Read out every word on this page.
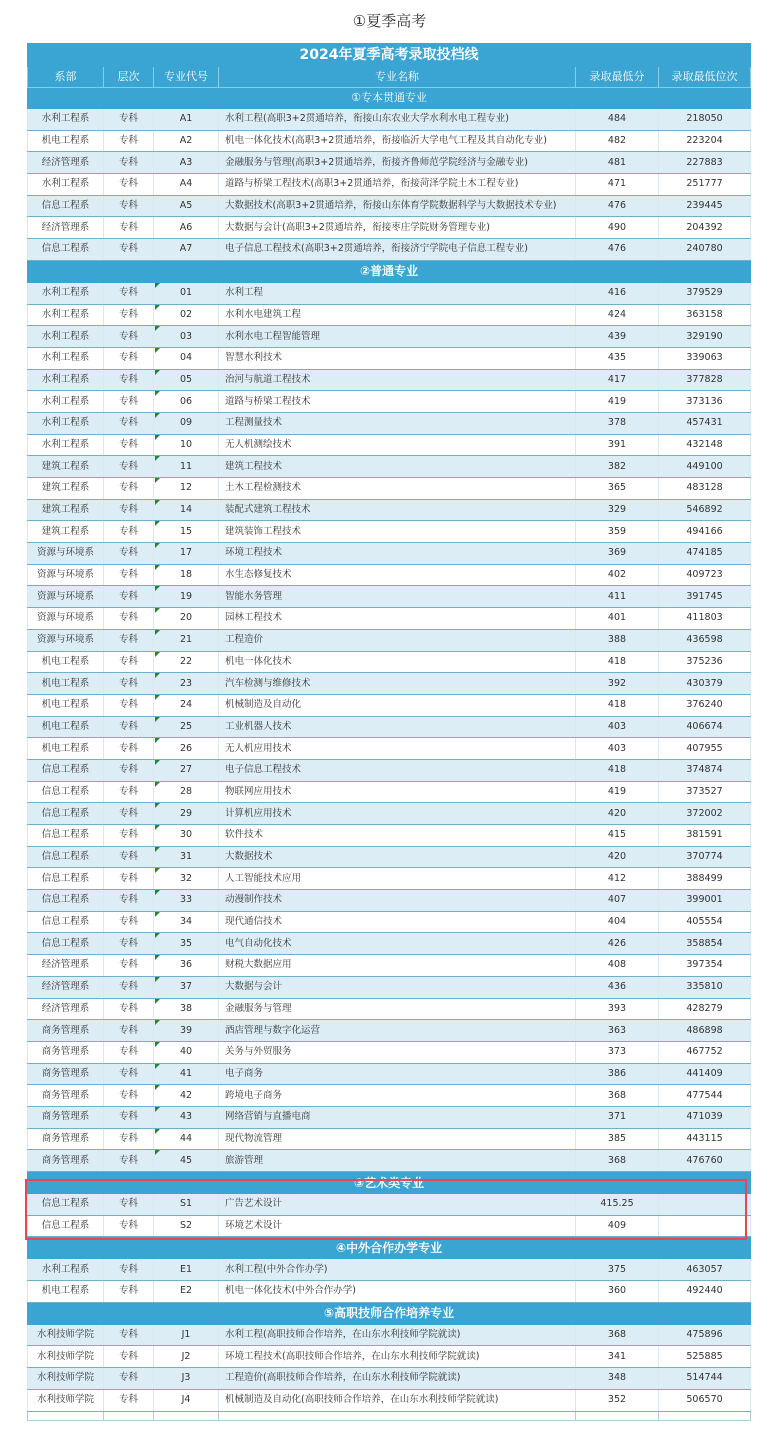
①夏季高考
2024年夏季高考录取投档线					
系部	层次	专业代号	专业名称	录取最低分	录取最低位次
①专本贯通专业					
水利工程系	专科	A1	水利工程(高职3+2贯通培养，衔接山东农业大学水利水电工程专业)	484	218050
机电工程系	专科	A2	机电一体化技术(高职3+2贯通培养，衔接临沂大学电气工程及其自动化专业)	482	223204
经济管理系	专科	A3	金融服务与管理(高职3+2贯通培养，衔接齐鲁师范学院经济与金融专业)	481	227883
水利工程系	专科	A4	道路与桥梁工程技术(高职3+2贯通培养，衔接菏泽学院土木工程专业)	471	251777
信息工程系	专科	A5	大数据技术(高职3+2贯通培养，衔接山东体育学院数据科学与大数据技术专业)	476	239445
经济管理系	专科	A6	大数据与会计(高职3+2贯通培养，衔接枣庄学院财务管理专业)	490	204392
信息工程系	专科	A7	电子信息工程技术(高职3+2贯通培养，衔接济宁学院电子信息工程专业)	476	240780
②普通专业					
水利工程系	专科	01	水利工程	416	379529
水利工程系	专科	02	水利水电建筑工程	424	363158
水利工程系	专科	03	水利水电工程智能管理	439	329190
水利工程系	专科	04	智慧水利技术	435	339063
水利工程系	专科	05	治河与航道工程技术	417	377828
水利工程系	专科	06	道路与桥梁工程技术	419	373136
水利工程系	专科	09	工程测量技术	378	457431
水利工程系	专科	10	无人机测绘技术	391	432148
建筑工程系	专科	11	建筑工程技术	382	449100
建筑工程系	专科	12	土木工程检测技术	365	483128
建筑工程系	专科	14	装配式建筑工程技术	329	546892
建筑工程系	专科	15	建筑装饰工程技术	359	494166
资源与环境系	专科	17	环境工程技术	369	474185
资源与环境系	专科	18	水生态修复技术	402	409723
资源与环境系	专科	19	智能水务管理	411	391745
资源与环境系	专科	20	园林工程技术	401	411803
资源与环境系	专科	21	工程造价	388	436598
机电工程系	专科	22	机电一体化技术	418	375236
机电工程系	专科	23	汽车检测与维修技术	392	430379
机电工程系	专科	24	机械制造及自动化	418	376240
机电工程系	专科	25	工业机器人技术	403	406674
机电工程系	专科	26	无人机应用技术	403	407955
信息工程系	专科	27	电子信息工程技术	418	374874
信息工程系	专科	28	物联网应用技术	419	373527
信息工程系	专科	29	计算机应用技术	420	372002
信息工程系	专科	30	软件技术	415	381591
信息工程系	专科	31	大数据技术	420	370774
信息工程系	专科	32	人工智能技术应用	412	388499
信息工程系	专科	33	动漫制作技术	407	399001
信息工程系	专科	34	现代通信技术	404	405554
信息工程系	专科	35	电气自动化技术	426	358854
经济管理系	专科	36	财税大数据应用	408	397354
经济管理系	专科	37	大数据与会计	436	335810
经济管理系	专科	38	金融服务与管理	393	428279
商务管理系	专科	39	酒店管理与数字化运营	363	486898
商务管理系	专科	40	关务与外贸服务	373	467752
商务管理系	专科	41	电子商务	386	441409
商务管理系	专科	42	跨境电子商务	368	477544
商务管理系	专科	43	网络营销与直播电商	371	471039
商务管理系	专科	44	现代物流管理	385	443115
商务管理系	专科	45	旅游管理	368	476760
③艺术类专业					
信息工程系	专科	S1	广告艺术设计	415.25	
信息工程系	专科	S2	环境艺术设计	409	
④中外合作办学专业					
水利工程系	专科	E1	水利工程(中外合作办学)	375	463057
机电工程系	专科	E2	机电一体化技术(中外合作办学)	360	492440
⑤高职技师合作培养专业					
水利技师学院	专科	J1	水利工程(高职技师合作培养，在山东水利技师学院就读)	368	475896
水利技师学院	专科	J2	环境工程技术(高职技师合作培养，在山东水利技师学院就读)	341	525885
水利技师学院	专科	J3	工程造价(高职技师合作培养，在山东水利技师学院就读)	348	514744
水利技师学院	专科	J4	机械制造及自动化(高职技师合作培养，在山东水利技师学院就读)	352	506570
